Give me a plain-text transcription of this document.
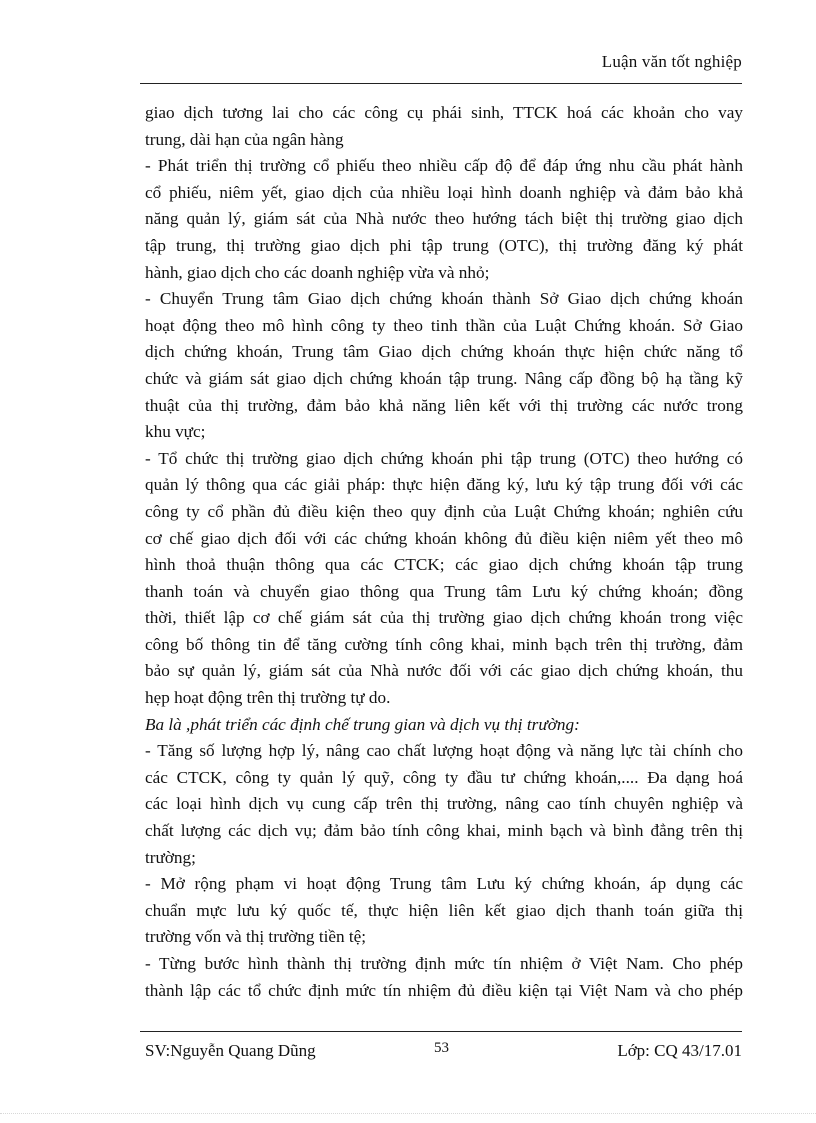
Luận văn tốt nghiệp
giao dịch tương lai cho các công cụ phái sinh, TTCK hoá các khoản cho vay
trung, dài hạn của ngân hàng
- Phát triển thị trường cổ phiếu theo nhiều cấp độ để đáp ứng nhu cầu phát hành
cổ phiếu, niêm yết, giao dịch của nhiều loại hình doanh nghiệp và đảm bảo khả
năng quản lý, giám sát của Nhà nước theo hướng tách biệt thị trường giao dịch
tập trung, thị trường giao dịch phi tập trung (OTC), thị trường đăng ký phát
hành, giao dịch cho các doanh nghiệp vừa và nhỏ;
- Chuyển Trung tâm Giao dịch chứng khoán thành Sở Giao dịch chứng khoán
hoạt động theo mô hình công ty theo tinh thần của Luật Chứng khoán. Sở Giao
dịch chứng khoán, Trung tâm Giao dịch chứng khoán thực hiện chức năng tổ
chức và giám sát giao dịch chứng khoán tập trung. Nâng cấp đồng bộ hạ tầng kỹ
thuật của thị trường, đảm bảo khả năng liên kết với thị trường các nước trong
khu vực;
- Tổ chức thị trường giao dịch chứng khoán phi tập trung (OTC) theo hướng có
quản lý thông qua các giải pháp: thực hiện đăng ký, lưu ký tập trung đối với các
công ty cổ phần đủ điều kiện theo quy định của Luật Chứng khoán; nghiên cứu
cơ chế giao dịch đối với các chứng khoán không đủ điều kiện niêm yết theo mô
hình thoả thuận thông qua các CTCK; các giao dịch chứng khoán tập trung
thanh toán và chuyển giao thông qua Trung tâm Lưu ký chứng khoán; đồng
thời, thiết lập cơ chế giám sát của thị trường giao dịch chứng khoán trong việc
công bố thông tin để tăng cường tính công khai, minh bạch trên thị trường, đảm
bảo sự quản lý, giám sát của Nhà nước đối với các giao dịch chứng khoán, thu
hẹp hoạt động trên thị trường tự do.
Ba là ,phát triển các định chế trung gian và dịch vụ thị trường:
- Tăng số lượng hợp lý, nâng cao chất lượng hoạt động và năng lực tài chính cho
các CTCK, công ty quản lý quỹ, công ty đầu tư chứng khoán,.... Đa dạng hoá
các loại hình dịch vụ cung cấp trên thị trường, nâng cao tính chuyên nghiệp và
chất lượng các dịch vụ; đảm bảo tính công khai, minh bạch và bình đẳng trên thị
trường;
- Mở rộng phạm vi hoạt động Trung tâm Lưu ký chứng khoán, áp dụng các
chuẩn mực lưu ký quốc tế, thực hiện liên kết giao dịch thanh toán giữa thị
trường vốn và thị trường tiền tệ;
- Từng bước hình thành thị trường định mức tín nhiệm ở Việt Nam. Cho phép
thành lập các tổ chức định mức tín nhiệm đủ điều kiện tại Việt Nam và cho phép
SV:Nguyễn Quang Dũng	53	Lớp: CQ 43/17.01
